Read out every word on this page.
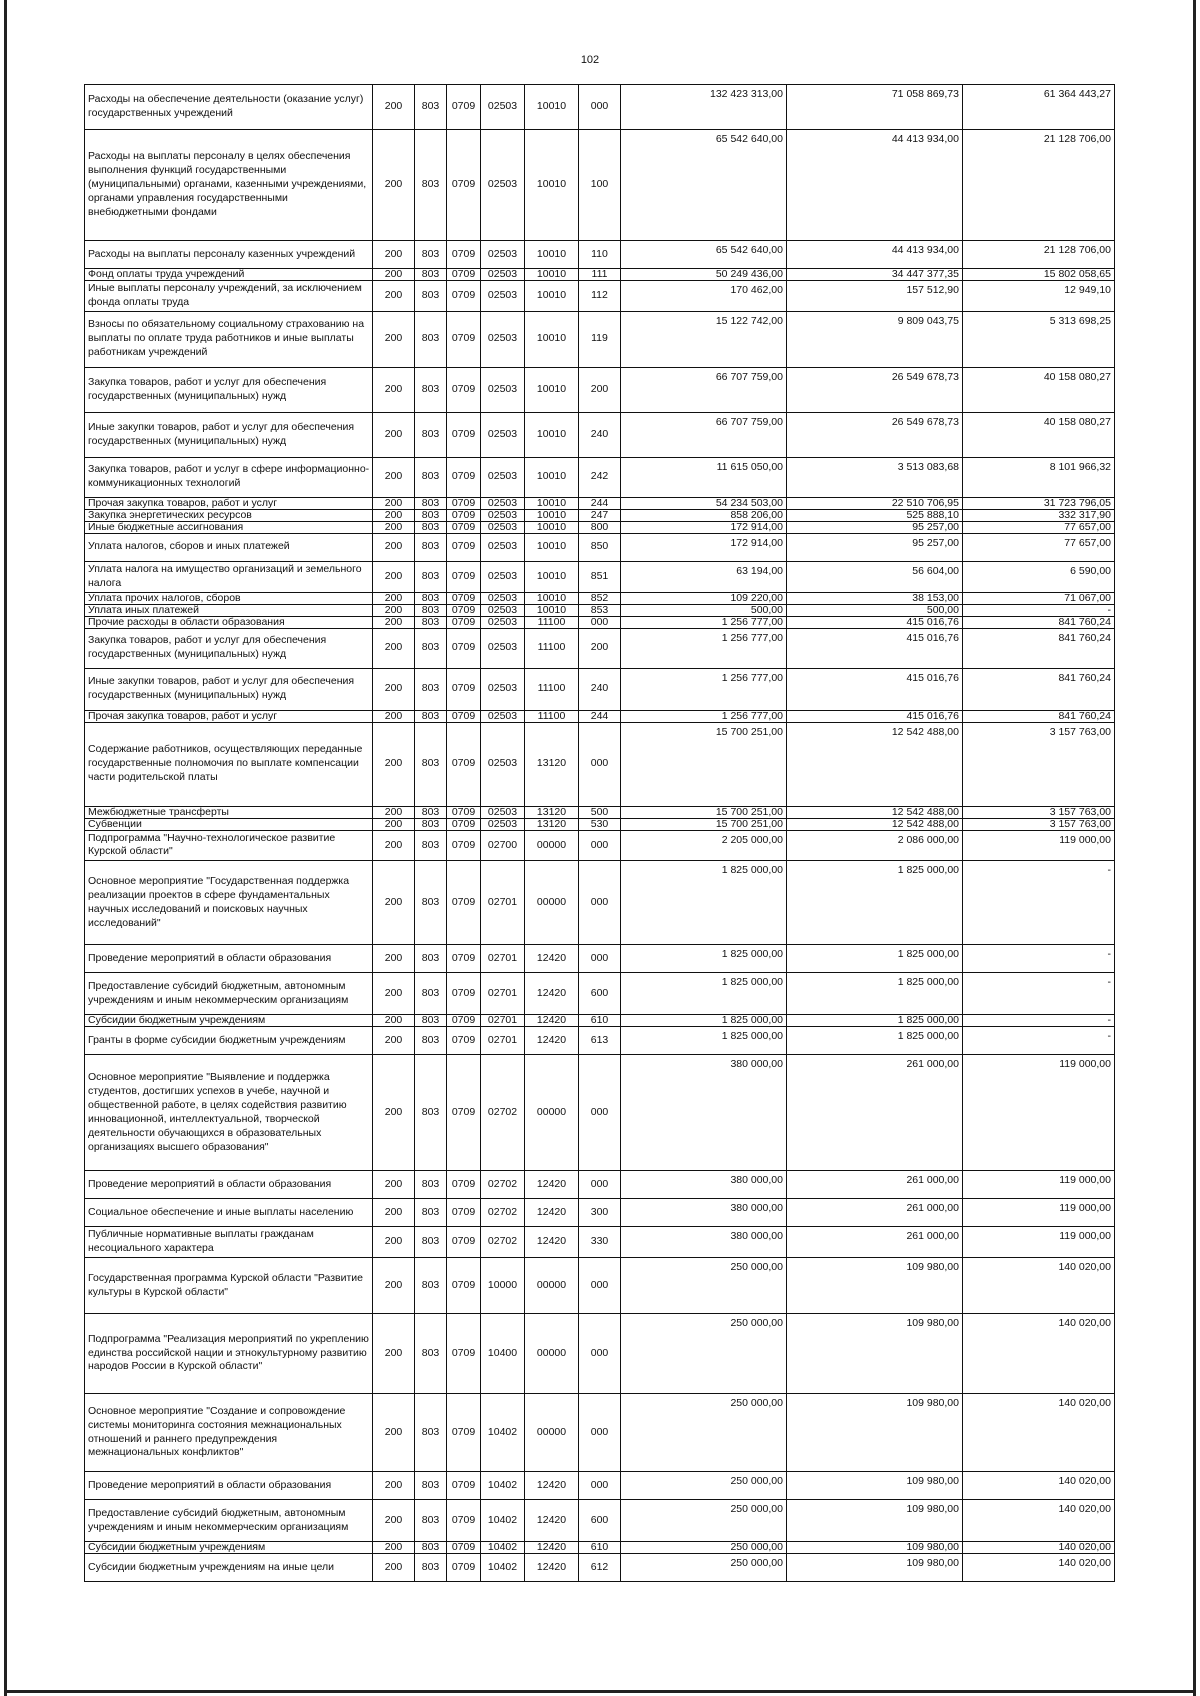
102
Расходы на обеспечение деятельности (оказание услуг) государственных учреждений	200	803	0709	02503	10010	000	132 423 313,00	71 058 869,73	61 364 443,27
Расходы на выплаты персоналу в целях обеспечения выполнения функций государственными (муниципальными) органами, казенными учреждениями, органами управления государственными внебюджетными фондами	200	803	0709	02503	10010	100	65 542 640,00	44 413 934,00	21 128 706,00
Расходы на выплаты персоналу казенных учреждений	200	803	0709	02503	10010	110	65 542 640,00	44 413 934,00	21 128 706,00
Фонд оплаты труда учреждений	200	803	0709	02503	10010	111	50 249 436,00	34 447 377,35	15 802 058,65
Иные выплаты персоналу учреждений, за исключением фонда оплаты труда	200	803	0709	02503	10010	112	170 462,00	157 512,90	12 949,10
Взносы по обязательному социальному страхованию на выплаты по оплате труда работников и иные выплаты работникам учреждений	200	803	0709	02503	10010	119	15 122 742,00	9 809 043,75	5 313 698,25
Закупка товаров, работ и услуг для обеспечения государственных (муниципальных) нужд	200	803	0709	02503	10010	200	66 707 759,00	26 549 678,73	40 158 080,27
Иные закупки товаров, работ и услуг для обеспечения государственных (муниципальных) нужд	200	803	0709	02503	10010	240	66 707 759,00	26 549 678,73	40 158 080,27
Закупка товаров, работ и услуг в сфере информационно-коммуникационных технологий	200	803	0709	02503	10010	242	11 615 050,00	3 513 083,68	8 101 966,32
Прочая закупка товаров, работ и услуг	200	803	0709	02503	10010	244	54 234 503,00	22 510 706,95	31 723 796,05
Закупка энергетических ресурсов	200	803	0709	02503	10010	247	858 206,00	525 888,10	332 317,90
Иные бюджетные ассигнования	200	803	0709	02503	10010	800	172 914,00	95 257,00	77 657,00
Уплата налогов, сборов и иных платежей	200	803	0709	02503	10010	850	172 914,00	95 257,00	77 657,00
Уплата налога на имущество организаций и земельного налога	200	803	0709	02503	10010	851	63 194,00	56 604,00	6 590,00
Уплата прочих налогов, сборов	200	803	0709	02503	10010	852	109 220,00	38 153,00	71 067,00
Уплата иных платежей	200	803	0709	02503	10010	853	500,00	500,00	-
Прочие расходы в области образования	200	803	0709	02503	11100	000	1 256 777,00	415 016,76	841 760,24
Закупка товаров, работ и услуг для обеспечения государственных (муниципальных) нужд	200	803	0709	02503	11100	200	1 256 777,00	415 016,76	841 760,24
Иные закупки товаров, работ и услуг для обеспечения государственных (муниципальных) нужд	200	803	0709	02503	11100	240	1 256 777,00	415 016,76	841 760,24
Прочая закупка товаров, работ и услуг	200	803	0709	02503	11100	244	1 256 777,00	415 016,76	841 760,24
Содержание работников, осуществляющих переданные государственные полномочия по выплате компенсации части родительской платы	200	803	0709	02503	13120	000	15 700 251,00	12 542 488,00	3 157 763,00
Межбюджетные трансферты	200	803	0709	02503	13120	500	15 700 251,00	12 542 488,00	3 157 763,00
Субвенции	200	803	0709	02503	13120	530	15 700 251,00	12 542 488,00	3 157 763,00
Подпрограмма "Научно-технологическое развитие Курской области"	200	803	0709	02700	00000	000	2 205 000,00	2 086 000,00	119 000,00
Основное мероприятие "Государственная поддержка реализации проектов в сфере фундаментальных научных исследований и поисковых научных исследований"	200	803	0709	02701	00000	000	1 825 000,00	1 825 000,00	-
Проведение мероприятий в области образования	200	803	0709	02701	12420	000	1 825 000,00	1 825 000,00	-
Предоставление субсидий бюджетным, автономным учреждениям и иным некоммерческим организациям	200	803	0709	02701	12420	600	1 825 000,00	1 825 000,00	-
Субсидии бюджетным учреждениям	200	803	0709	02701	12420	610	1 825 000,00	1 825 000,00	-
Гранты в форме субсидии бюджетным учреждениям	200	803	0709	02701	12420	613	1 825 000,00	1 825 000,00	-
Основное мероприятие "Выявление и поддержка студентов, достигших успехов в учебе, научной и общественной работе, в целях содействия развитию инновационной, интеллектуальной, творческой деятельности обучающихся в образовательных организациях высшего образования"	200	803	0709	02702	00000	000	380 000,00	261 000,00	119 000,00
Проведение мероприятий в области образования	200	803	0709	02702	12420	000	380 000,00	261 000,00	119 000,00
Социальное обеспечение и иные выплаты населению	200	803	0709	02702	12420	300	380 000,00	261 000,00	119 000,00
Публичные нормативные выплаты гражданам несоциального характера	200	803	0709	02702	12420	330	380 000,00	261 000,00	119 000,00
Государственная программа Курской области "Развитие культуры в Курской области"	200	803	0709	10000	00000	000	250 000,00	109 980,00	140 020,00
Подпрограмма "Реализация мероприятий по укреплению единства российской нации и этнокультурному развитию народов России в Курской области"	200	803	0709	10400	00000	000	250 000,00	109 980,00	140 020,00
Основное мероприятие "Создание и сопровождение системы мониторинга состояния межнациональных отношений и раннего предупреждения межнациональных конфликтов"	200	803	0709	10402	00000	000	250 000,00	109 980,00	140 020,00
Проведение мероприятий в области образования	200	803	0709	10402	12420	000	250 000,00	109 980,00	140 020,00
Предоставление субсидий бюджетным, автономным учреждениям и иным некоммерческим организациям	200	803	0709	10402	12420	600	250 000,00	109 980,00	140 020,00
Субсидии бюджетным учреждениям	200	803	0709	10402	12420	610	250 000,00	109 980,00	140 020,00
Субсидии бюджетным учреждениям на иные цели	200	803	0709	10402	12420	612	250 000,00	109 980,00	140 020,00
